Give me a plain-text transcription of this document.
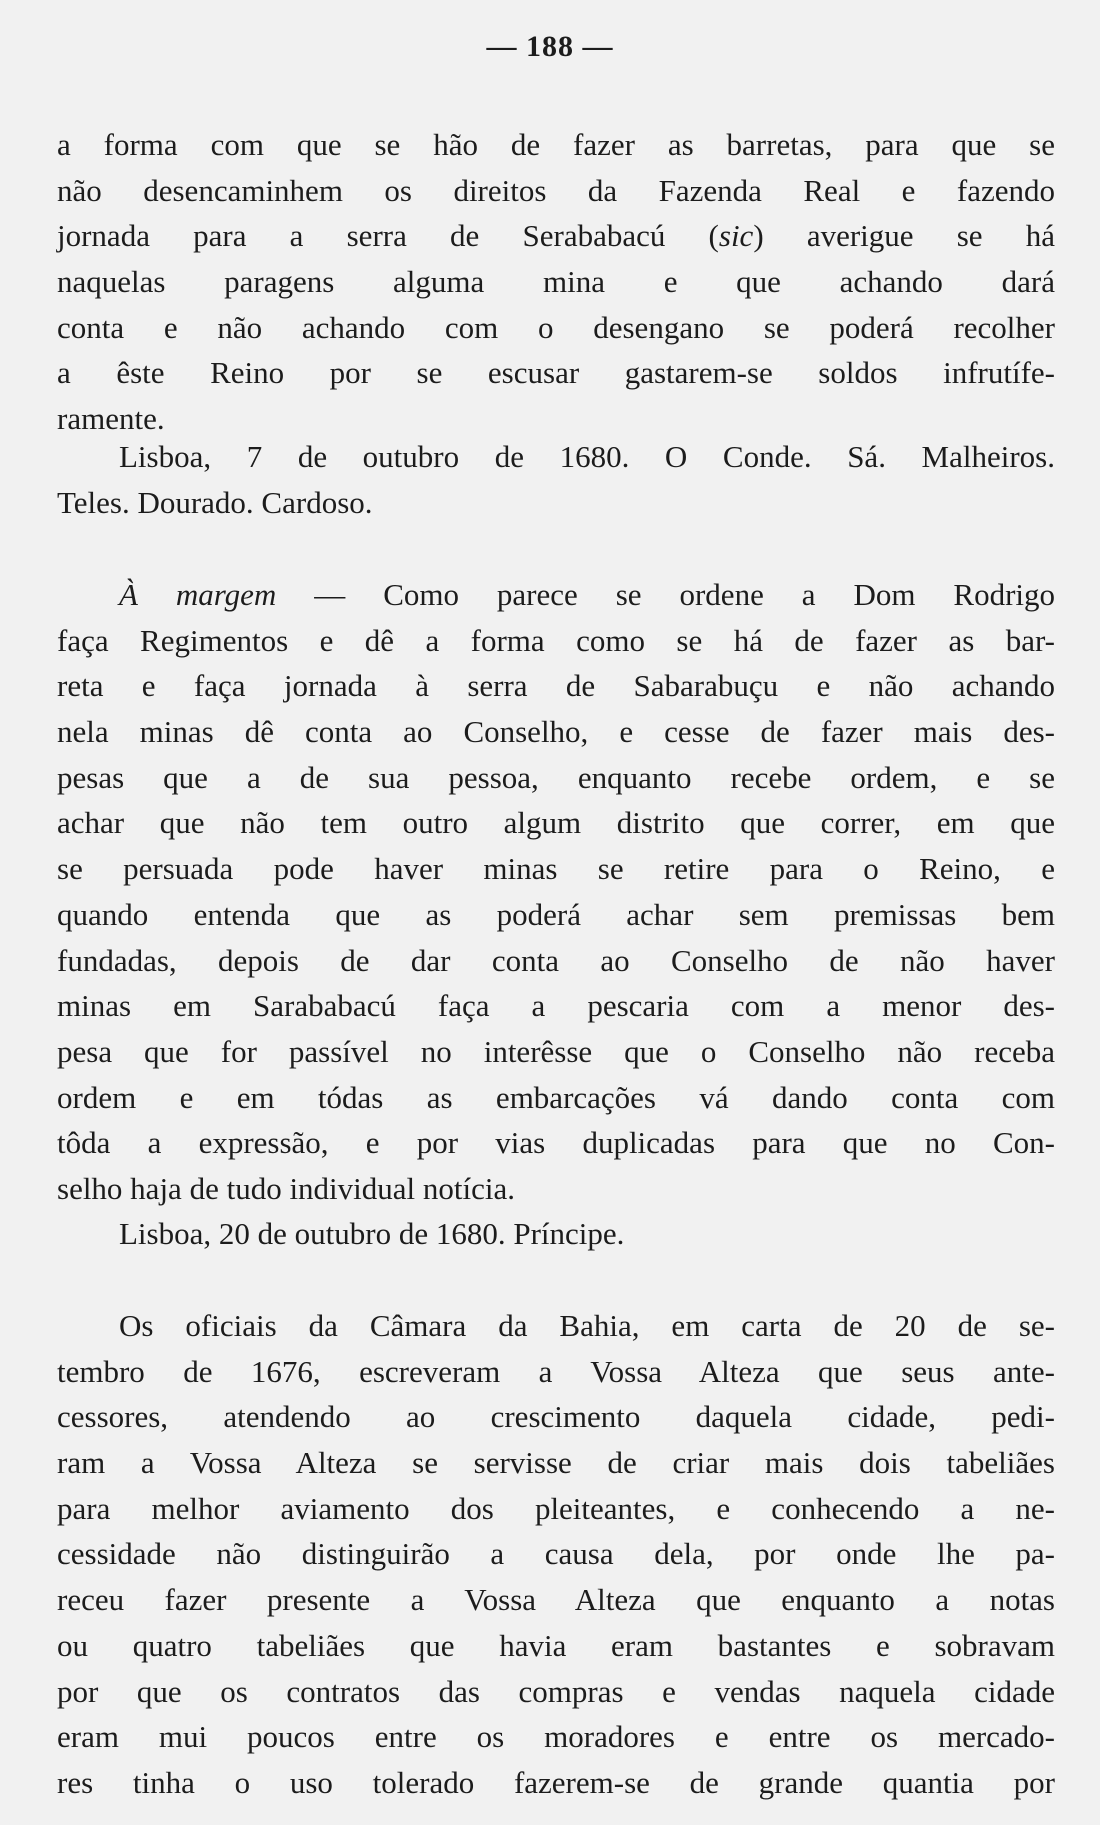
— 188 —
a forma com que se hão de fazer as barretas, para que se
não desencaminhem os direitos da Fazenda Real e fazendo
jornada para a serra de Serababacú (sic) averigue se há
naquelas paragens alguma mina e que achando dará
conta e não achando com o desengano se poderá recolher
a êste Reino por se escusar gastarem-se soldos infrutífe-
ramente.
Lisboa, 7 de outubro de 1680. O Conde. Sá. Malheiros.
Teles. Dourado. Cardoso.
À margem — Como parece se ordene a Dom Rodrigo
faça Regimentos e dê a forma como se há de fazer as bar-
reta e faça jornada à serra de Sabarabuçu e não achando
nela minas dê conta ao Conselho, e cesse de fazer mais des-
pesas que a de sua pessoa, enquanto recebe ordem, e se
achar que não tem outro algum distrito que correr, em que
se persuada pode haver minas se retire para o Reino, e
quando entenda que as poderá achar sem premissas bem
fundadas, depois de dar conta ao Conselho de não haver
minas em Sarababacú faça a pescaria com a menor des-
pesa que for passível no interêsse que o Conselho não receba
ordem e em tódas as embarcações vá dando conta com
tôda a expressão, e por vias duplicadas para que no Con-
selho haja de tudo individual notícia.
Lisboa, 20 de outubro de 1680. Príncipe.
Os oficiais da Câmara da Bahia, em carta de 20 de se-
tembro de 1676, escreveram a Vossa Alteza que seus ante-
cessores, atendendo ao crescimento daquela cidade, pedi-
ram a Vossa Alteza se servisse de criar mais dois tabeliães
para melhor aviamento dos pleiteantes, e conhecendo a ne-
cessidade não distinguirão a causa dela, por onde lhe pa-
receu fazer presente a Vossa Alteza que enquanto a notas
ou quatro tabeliães que havia eram bastantes e sobravam
por que os contratos das compras e vendas naquela cidade
eram mui poucos entre os moradores e entre os mercado-
res tinha o uso tolerado fazerem-se de grande quantia por
